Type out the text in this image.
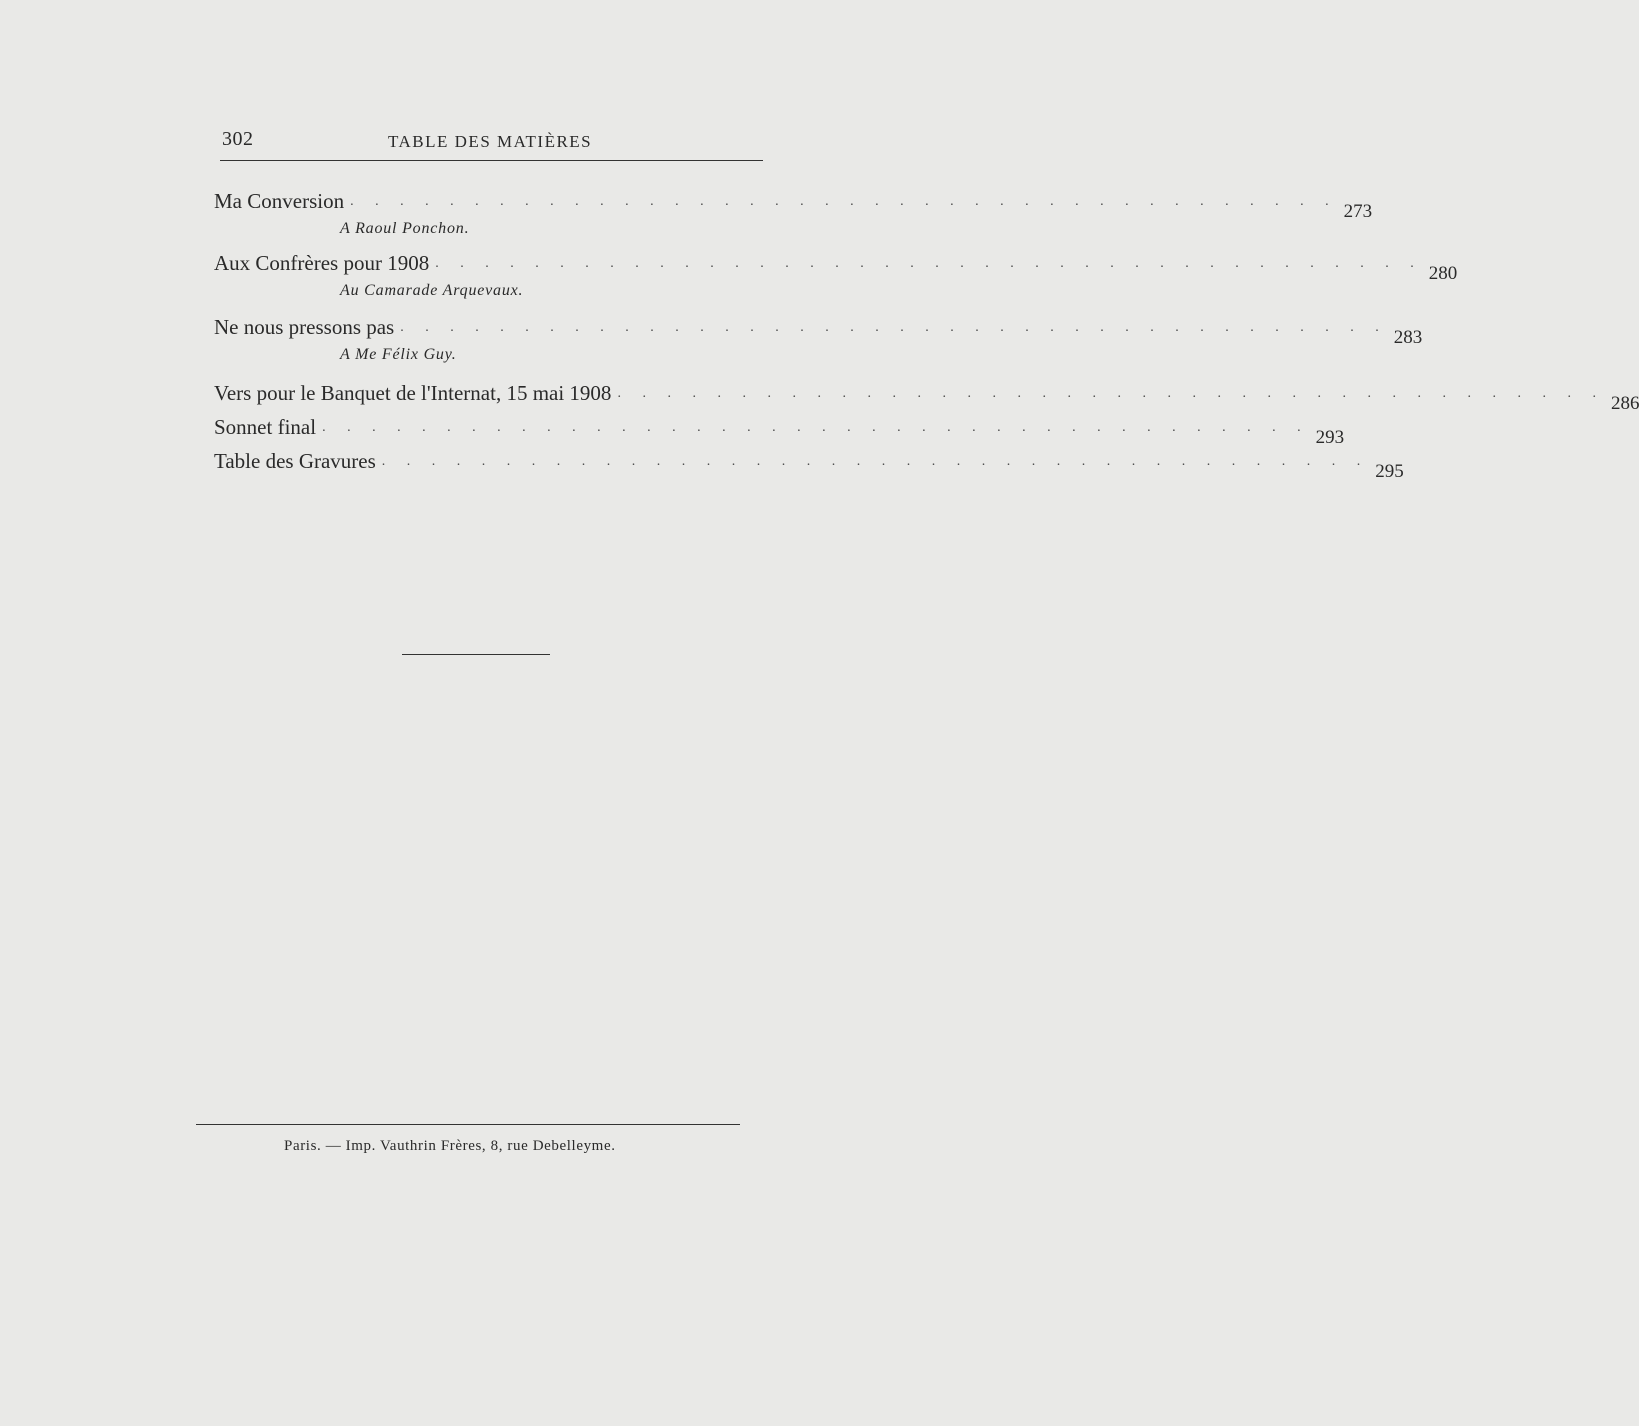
302	TABLE DES MATIÈRES
Ma Conversion . . . . . . . . . . . . . . . . . . . . . . . . . . . . . . . . . . . . . . . . 273
A Raoul Ponchon.
Aux Confrères pour 1908 . . . . . . . . . . . . . . . . . . . . . . . . . . . . . . . . . . . . . . . . 280
Au Camarade Arquevaux.
Ne nous pressons pas . . . . . . . . . . . . . . . . . . . . . . . . . . . . . . . . . . . . . . . . 283
A Me Félix Guy.
Vers pour le Banquet de l'Internat, 15 mai 1908 . . . . . . . . . . . . . . . . . . . . . . . . . . . . . . . . . . . . . . . . 286
Sonnet final . . . . . . . . . . . . . . . . . . . . . . . . . . . . . . . . . . . . . . . . 293
Table des Gravures . . . . . . . . . . . . . . . . . . . . . . . . . . . . . . . . . . . . . . . . 295
Paris. — Imp. Vauthrin Frères, 8, rue Debelleyme.
